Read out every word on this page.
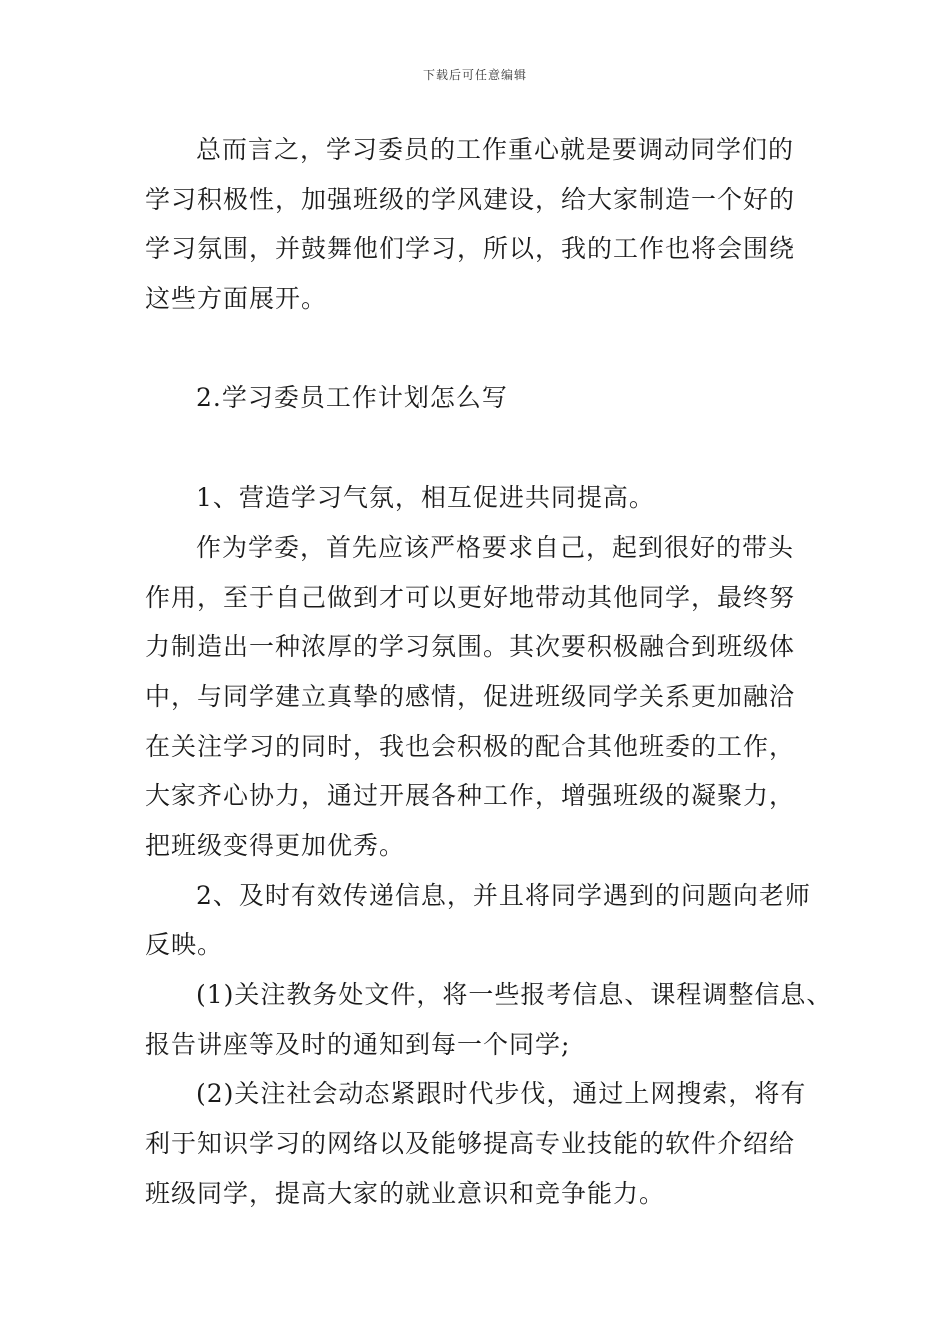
下载后可任意编辑
总而言之，学习委员的工作重心就是要调动同学们的
学习积极性，加强班级的学风建设，给大家制造一个好的
学习氛围，并鼓舞他们学习，所以，我的工作也将会围绕
这些方面展开。
2.学习委员工作计划怎么写
1、营造学习气氛，相互促进共同提高。
作为学委，首先应该严格要求自己，起到很好的带头
作用，至于自己做到才可以更好地带动其他同学，最终努
力制造出一种浓厚的学习氛围。其次要积极融合到班级体
中，与同学建立真挚的感情，促进班级同学关系更加融洽
在关注学习的同时，我也会积极的配合其他班委的工作，
大家齐心协力，通过开展各种工作，增强班级的凝聚力，
把班级变得更加优秀。
2、及时有效传递信息，并且将同学遇到的问题向老师
反映。
(1)关注教务处文件，将一些报考信息、课程调整信息、
报告讲座等及时的通知到每一个同学;
(2)关注社会动态紧跟时代步伐，通过上网搜索，将有
利于知识学习的网络以及能够提高专业技能的软件介绍给
班级同学，提高大家的就业意识和竞争能力。
